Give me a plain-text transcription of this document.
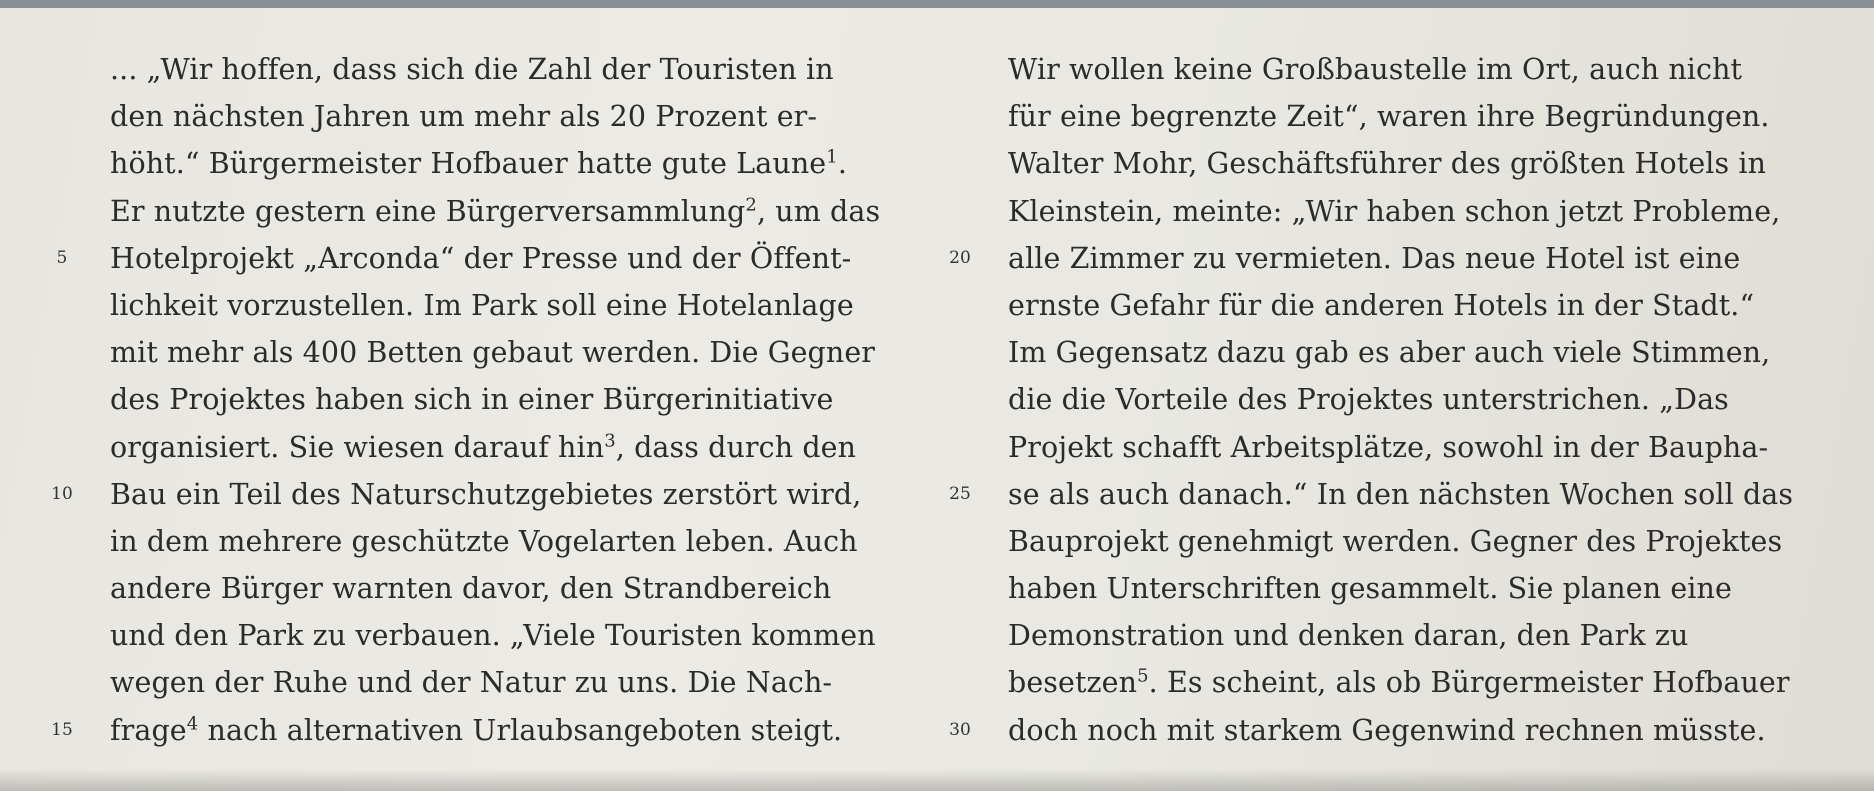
... „Wir hoffen, dass sich die Zahl der Touristen in
den nächsten Jahren um mehr als 20 Prozent er-
höht.“ Bürgermeister Hofbauer hatte gute Laune$^1$.
Er nutzte gestern eine Bürgerversammlung$^2$, um das
5	Hotelprojekt „Arconda“ der Presse und der Öffent-
lichkeit vorzustellen. Im Park soll eine Hotelanlage
mit mehr als 400 Betten gebaut werden. Die Gegner
des Projektes haben sich in einer Bürgerinitiative
organisiert. Sie wiesen darauf hin$^3$, dass durch den
10	Bau ein Teil des Naturschutzgebietes zerstört wird,
in dem mehrere geschützte Vogelarten leben. Auch
andere Bürger warnten davor, den Strandbereich
und den Park zu verbauen. „Viele Touristen kommen
wegen der Ruhe und der Natur zu uns. Die Nach-
15	frage$^4$ nach alternativen Urlaubsangeboten steigt.
Wir wollen keine Großbaustelle im Ort, auch nicht
für eine begrenzte Zeit“, waren ihre Begründungen.
Walter Mohr, Geschäftsführer des größten Hotels in
Kleinstein, meinte: „Wir haben schon jetzt Probleme,
20	alle Zimmer zu vermieten. Das neue Hotel ist eine
ernste Gefahr für die anderen Hotels in der Stadt.“
Im Gegensatz dazu gab es aber auch viele Stimmen,
die die Vorteile des Projektes unterstrichen. „Das
Projekt schafft Arbeitsplätze, sowohl in der Baupha-
25	se als auch danach.“ In den nächsten Wochen soll das
Bauprojekt genehmigt werden. Gegner des Projektes
haben Unterschriften gesammelt. Sie planen eine
Demonstration und denken daran, den Park zu
besetzen$^5$. Es scheint, als ob Bürgermeister Hofbauer
30	doch noch mit starkem Gegenwind rechnen müsste.
